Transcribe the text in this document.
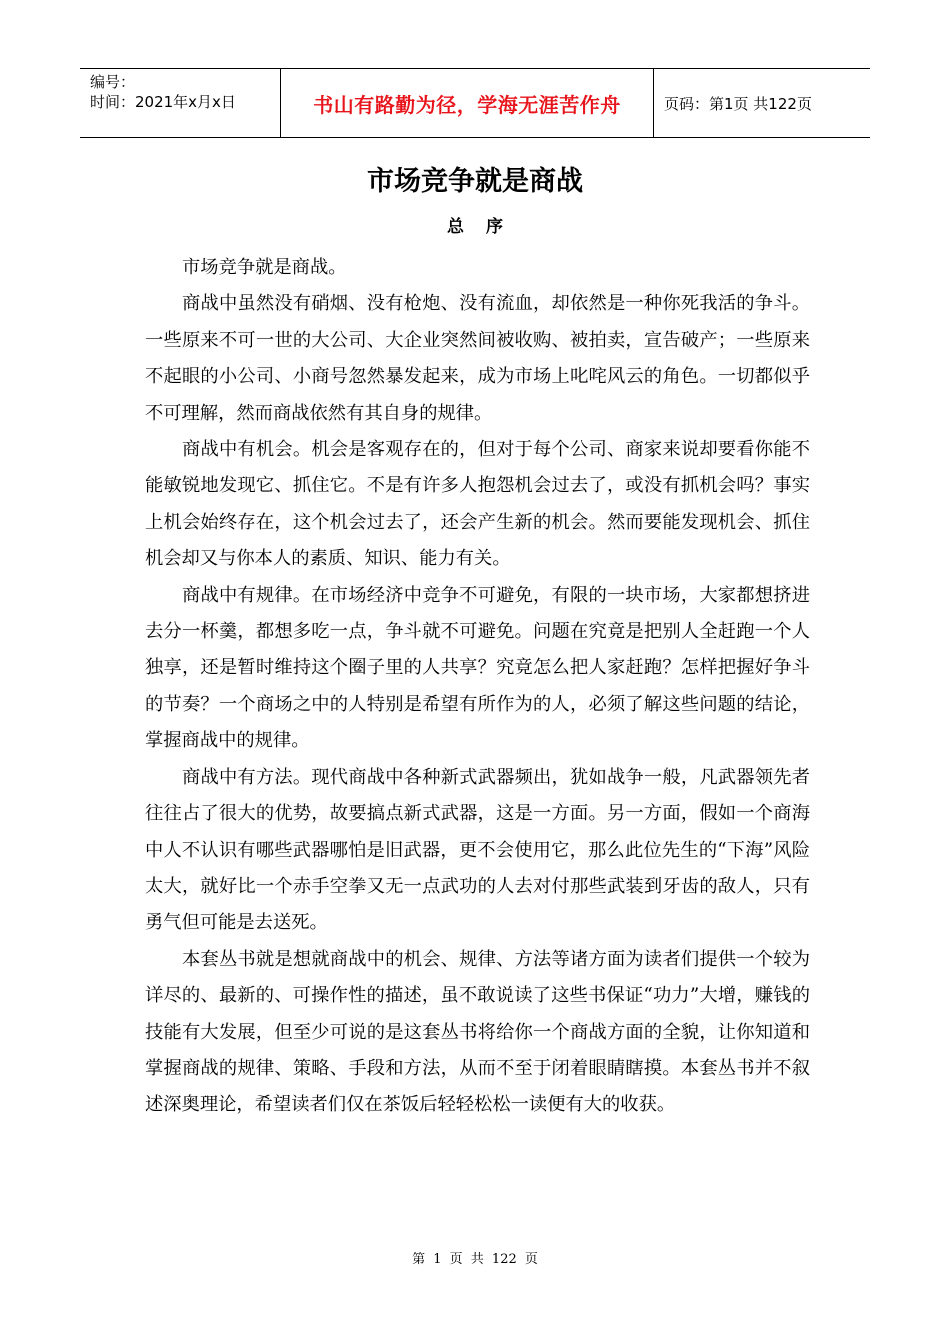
编号：
时间：2021年x月x日	书山有路勤为径，学海无涯苦作舟	页码：第1页 共122页
市场竞争就是商战
总序

市场竞争就是商战。

商战中虽然没有硝烟、没有枪炮、没有流血，却依然是一种你死我活的争斗。一些原来不可一世的大公司、大企业突然间被收购、被拍卖，宣告破产；一些原来不起眼的小公司、小商号忽然暴发起来，成为市场上叱咤风云的角色。一切都似乎不可理解，然而商战依然有其自身的规律。

商战中有机会。机会是客观存在的，但对于每个公司、商家来说却要看你能不能敏锐地发现它、抓住它。不是有许多人抱怨机会过去了，或没有抓机会吗？事实上机会始终存在，这个机会过去了，还会产生新的机会。然而要能发现机会、抓住机会却又与你本人的素质、知识、能力有关。

商战中有规律。在市场经济中竞争不可避免，有限的一块市场，大家都想挤进去分一杯羹，都想多吃一点，争斗就不可避免。问题在究竟是把别人全赶跑一个人独享，还是暂时维持这个圈子里的人共享？究竟怎么把人家赶跑？怎样把握好争斗的节奏？一个商场之中的人特别是希望有所作为的人，必须了解这些问题的结论，掌握商战中的规律。

商战中有方法。现代商战中各种新式武器频出，犹如战争一般，凡武器领先者往往占了很大的优势，故要搞点新式武器，这是一方面。另一方面，假如一个商海中人不认识有哪些武器哪怕是旧武器，更不会使用它，那么此位先生的“下海”风险太大，就好比一个赤手空拳又无一点武功的人去对付那些武装到牙齿的敌人，只有勇气但可能是去送死。

本套丛书就是想就商战中的机会、规律、方法等诸方面为读者们提供一个较为详尽的、最新的、可操作性的描述，虽不敢说读了这些书保证“功力”大增，赚钱的技能有大发展，但至少可说的是这套丛书将给你一个商战方面的全貌，让你知道和掌握商战的规律、策略、手段和方法，从而不至于闭着眼睛瞎摸。本套丛书并不叙述深奥理论，希望读者们仅在茶饭后轻轻松松一读便有大的收获。

第 1 页 共 122 页
